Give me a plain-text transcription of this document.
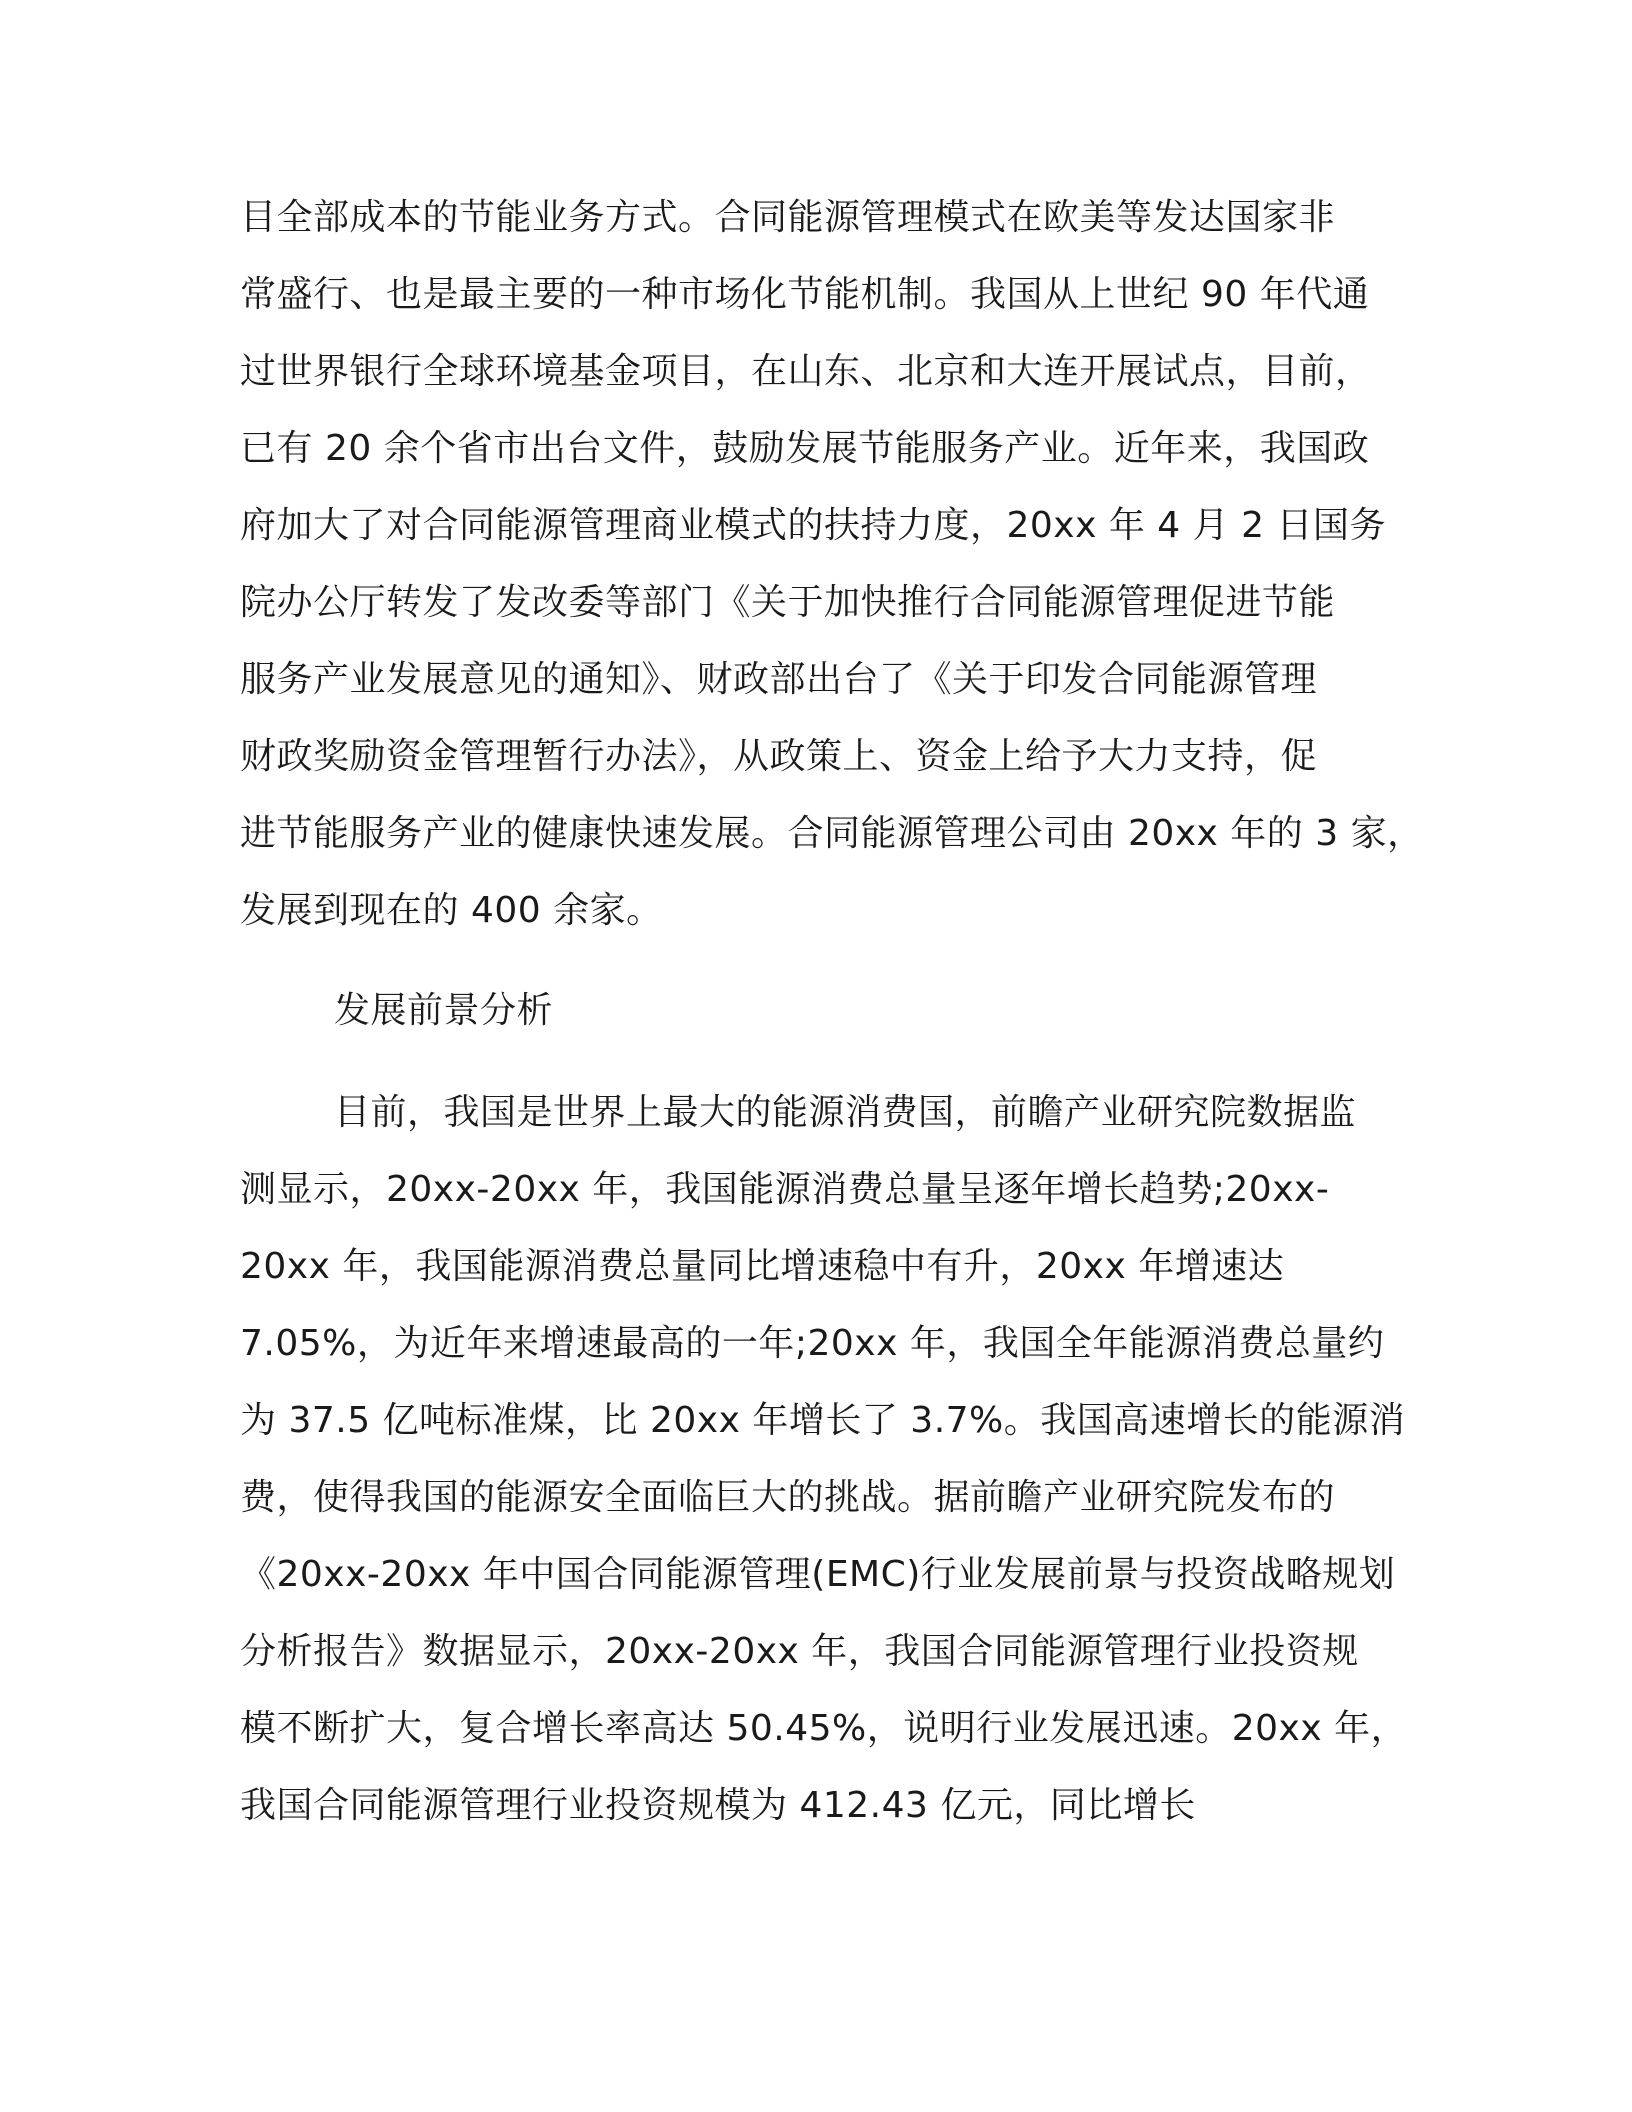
目全部成本的节能业务方式。合同能源管理模式在欧美等发达国家非
常盛行、也是最主要的一种市场化节能机制。我国从上世纪 90 年代通
过世界银行全球环境基金项目，在山东、北京和大连开展试点，目前，
已有 20 余个省市出台文件，鼓励发展节能服务产业。近年来，我国政
府加大了对合同能源管理商业模式的扶持力度，20xx 年 4 月 2 日国务
院办公厅转发了发改委等部门《关于加快推行合同能源管理促进节能
服务产业发展意见的通知》、财政部出台了《关于印发合同能源管理
财政奖励资金管理暂行办法》，从政策上、资金上给予大力支持，促
进节能服务产业的健康快速发展。合同能源管理公司由 20xx 年的 3 家，
发展到现在的 400 余家。
发展前景分析
目前，我国是世界上最大的能源消费国，前瞻产业研究院数据监
测显示，20xx-20xx 年，我国能源消费总量呈逐年增长趋势;20xx-
20xx 年，我国能源消费总量同比增速稳中有升，20xx 年增速达
7.05%，为近年来增速最高的一年;20xx 年，我国全年能源消费总量约
为 37.5 亿吨标准煤，比 20xx 年增长了 3.7%。我国高速增长的能源消
费，使得我国的能源安全面临巨大的挑战。据前瞻产业研究院发布的
《20xx-20xx 年中国合同能源管理(EMC)行业发展前景与投资战略规划
分析报告》数据显示，20xx-20xx 年，我国合同能源管理行业投资规
模不断扩大，复合增长率高达 50.45%，说明行业发展迅速。20xx 年，
我国合同能源管理行业投资规模为 412.43 亿元，同比增长
